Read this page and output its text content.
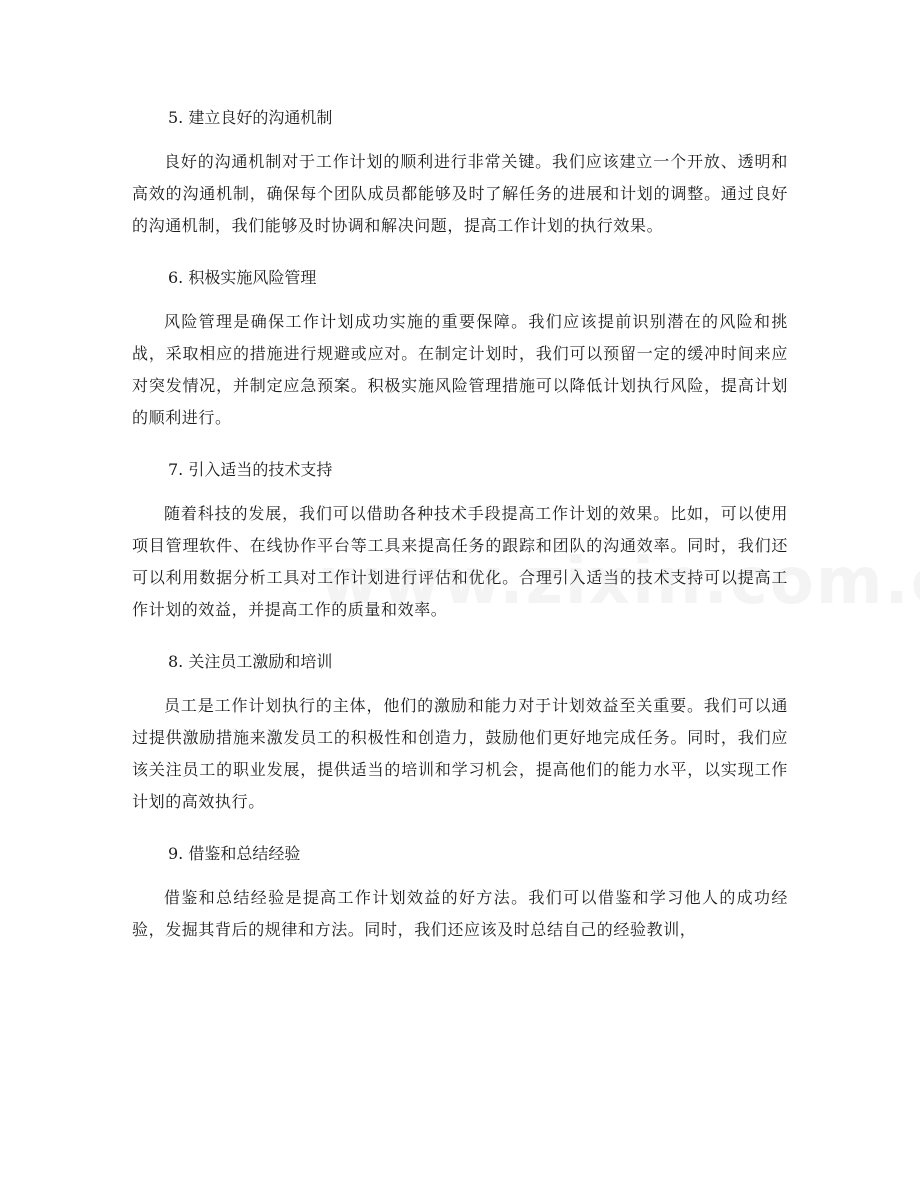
5. 建立良好的沟通机制

良好的沟通机制对于工作计划的顺利进行非常关键。我们应该建立一个开放、透明和高效的沟通机制，确保每个团队成员都能够及时了解任务的进展和计划的调整。通过良好的沟通机制，我们能够及时协调和解决问题，提高工作计划的执行效果。

6. 积极实施风险管理

风险管理是确保工作计划成功实施的重要保障。我们应该提前识别潜在的风险和挑战，采取相应的措施进行规避或应对。在制定计划时，我们可以预留一定的缓冲时间来应对突发情况，并制定应急预案。积极实施风险管理措施可以降低计划执行风险，提高计划的顺利进行。

7. 引入适当的技术支持

随着科技的发展，我们可以借助各种技术手段提高工作计划的效果。比如，可以使用项目管理软件、在线协作平台等工具来提高任务的跟踪和团队的沟通效率。同时，我们还可以利用数据分析工具对工作计划进行评估和优化。合理引入适当的技术支持可以提高工作计划的效益，并提高工作的质量和效率。

8. 关注员工激励和培训

员工是工作计划执行的主体，他们的激励和能力对于计划效益至关重要。我们可以通过提供激励措施来激发员工的积极性和创造力，鼓励他们更好地完成任务。同时，我们应该关注员工的职业发展，提供适当的培训和学习机会，提高他们的能力水平，以实现工作计划的高效执行。

9. 借鉴和总结经验

借鉴和总结经验是提高工作计划效益的好方法。我们可以借鉴和学习他人的成功经验，发掘其背后的规律和方法。同时，我们还应该及时总结自己的经验教训，
